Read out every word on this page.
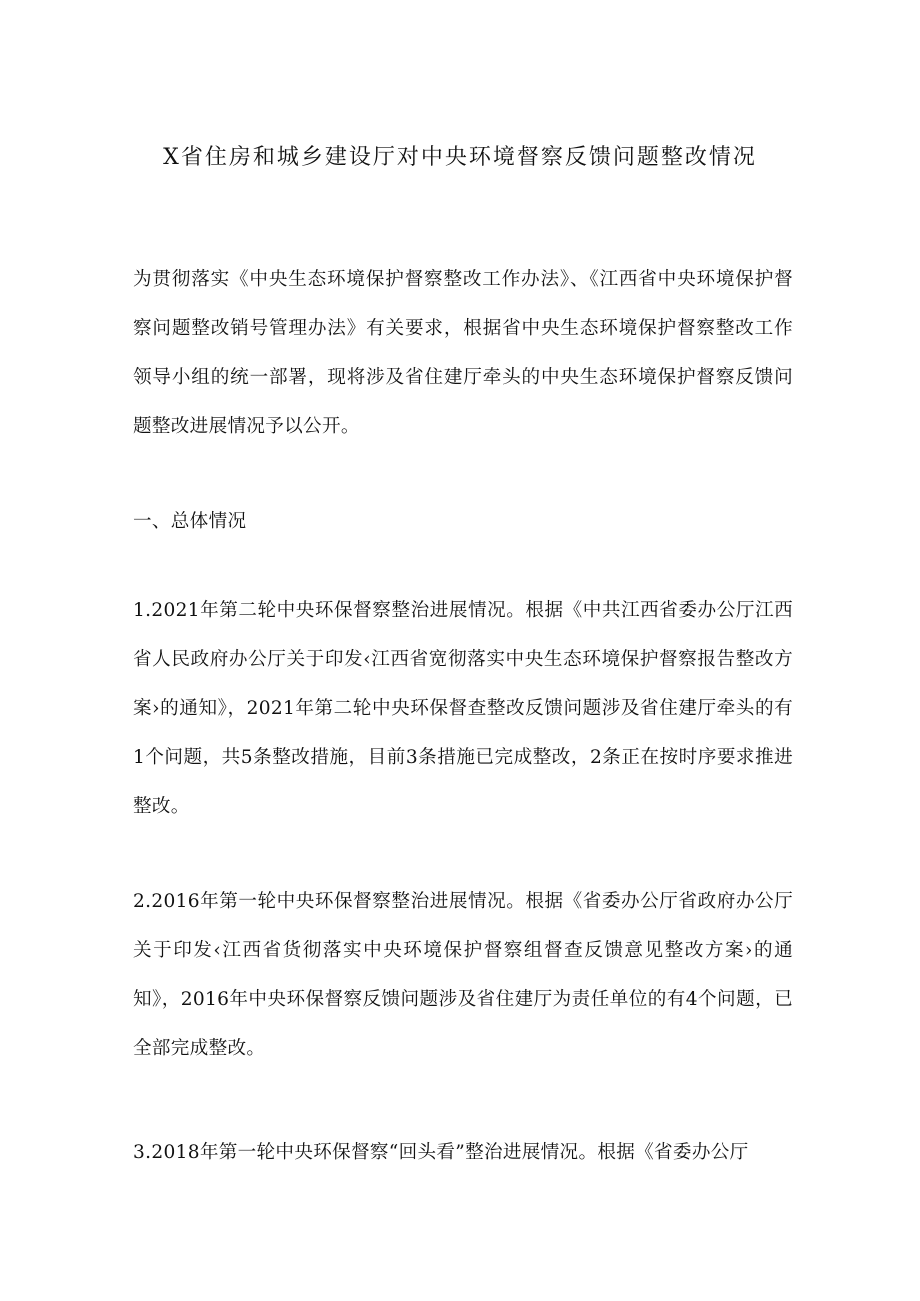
X省住房和城乡建设厅对中央环境督察反馈问题整改情况

为贯彻落实《中央生态环境保护督察整改工作办法》、《江西省中央环境保护督察问题整改销号管理办法》有关要求，根据省中央生态环境保护督察整改工作领导小组的统一部署，现将涉及省住建厅牵头的中央生态环境保护督察反馈问题整改进展情况予以公开。

一、总体情况

1.2021年第二轮中央环保督察整治进展情况。根据《中共江西省委办公厅江西省人民政府办公厅关于印发‹江西省宽彻落实中央生态环境保护督察报告整改方案›的通知》，2021年第二轮中央环保督查整改反馈问题涉及省住建厅牵头的有1个问题，共5条整改措施，目前3条措施已完成整改，2条正在按时序要求推进整改。

2.2016年第一轮中央环保督察整治进展情况。根据《省委办公厅省政府办公厅关于印发‹江西省货彻落实中央环境保护督察组督查反馈意见整改方案›的通知》，2016年中央环保督察反馈问题涉及省住建厅为责任单位的有4个问题，已全部完成整改。

3.2018年第一轮中央环保督察“回头看”整治进展情况。根据《省委办公厅
